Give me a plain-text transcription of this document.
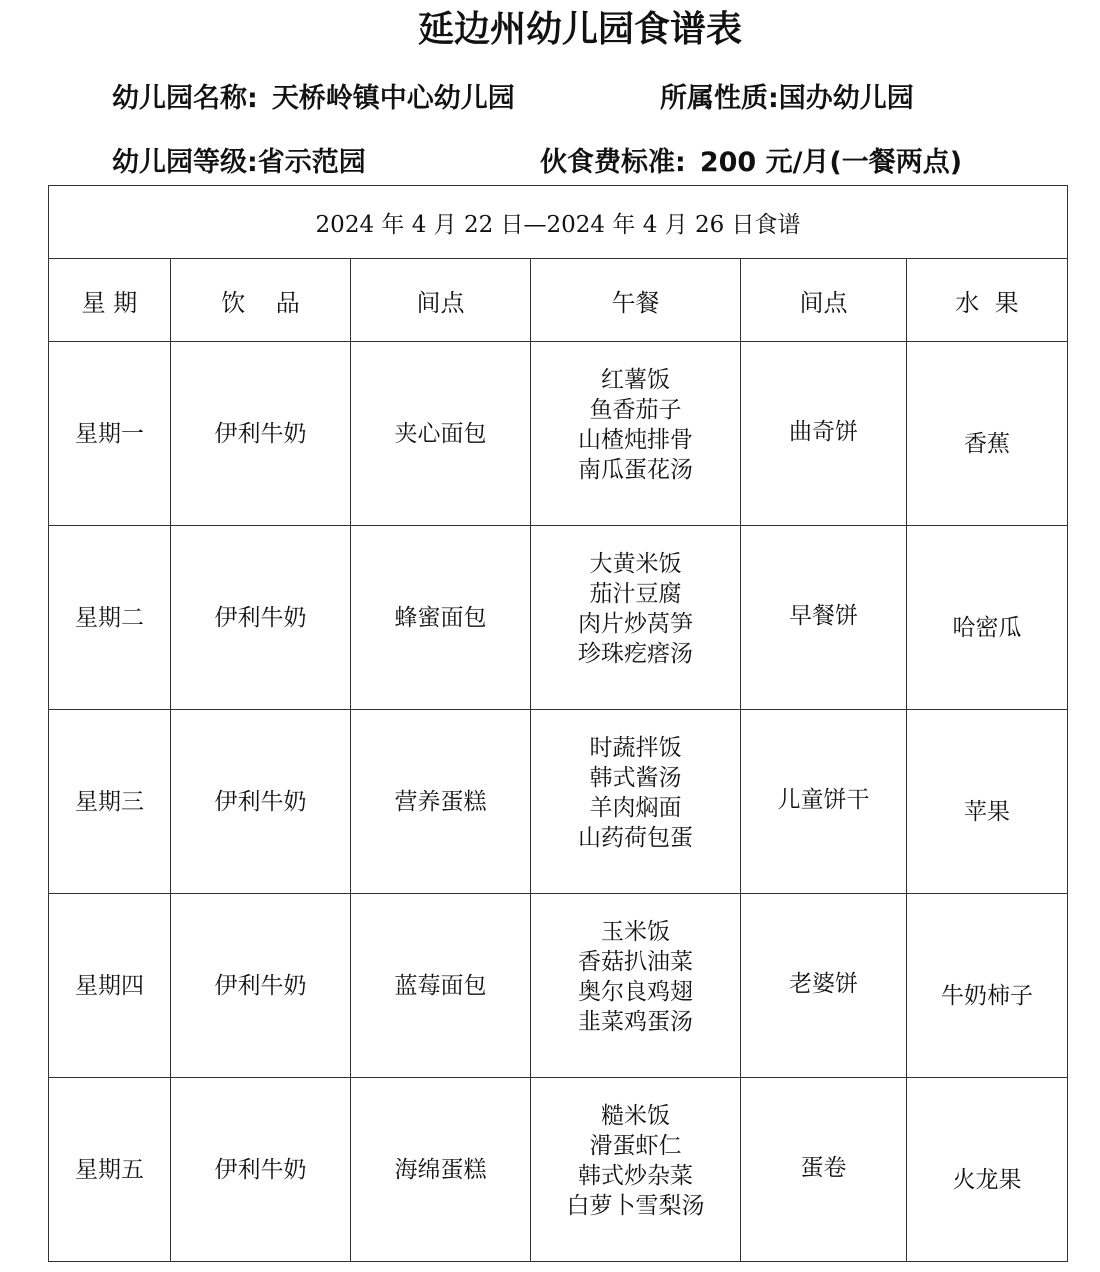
延边州幼儿园食谱表
幼儿园名称: 天桥岭镇中心幼儿园	所属性质:国办幼儿园
幼儿园等级:省示范园	伙食费标准: 200 元/月(一餐两点)
2024 年 4 月 22 日—2024 年 4 月 26 日食谱					
星 期	饮    品	间点	午餐	间点	水  果
星期一	伊利牛奶	夹心面包	红薯饭
鱼香茄子
山楂炖排骨
南瓜蛋花汤	曲奇饼	香蕉
星期二	伊利牛奶	蜂蜜面包	大黄米饭
茄汁豆腐
肉片炒莴笋
珍珠疙瘩汤	早餐饼	哈密瓜
星期三	伊利牛奶	营养蛋糕	时蔬拌饭
韩式酱汤
羊肉焖面
山药荷包蛋	儿童饼干	苹果
星期四	伊利牛奶	蓝莓面包	玉米饭
香菇扒油菜
奥尔良鸡翅
韭菜鸡蛋汤	老婆饼	牛奶柿子
星期五	伊利牛奶	海绵蛋糕	糙米饭
滑蛋虾仁
韩式炒杂菜
白萝卜雪梨汤	蛋卷	火龙果
